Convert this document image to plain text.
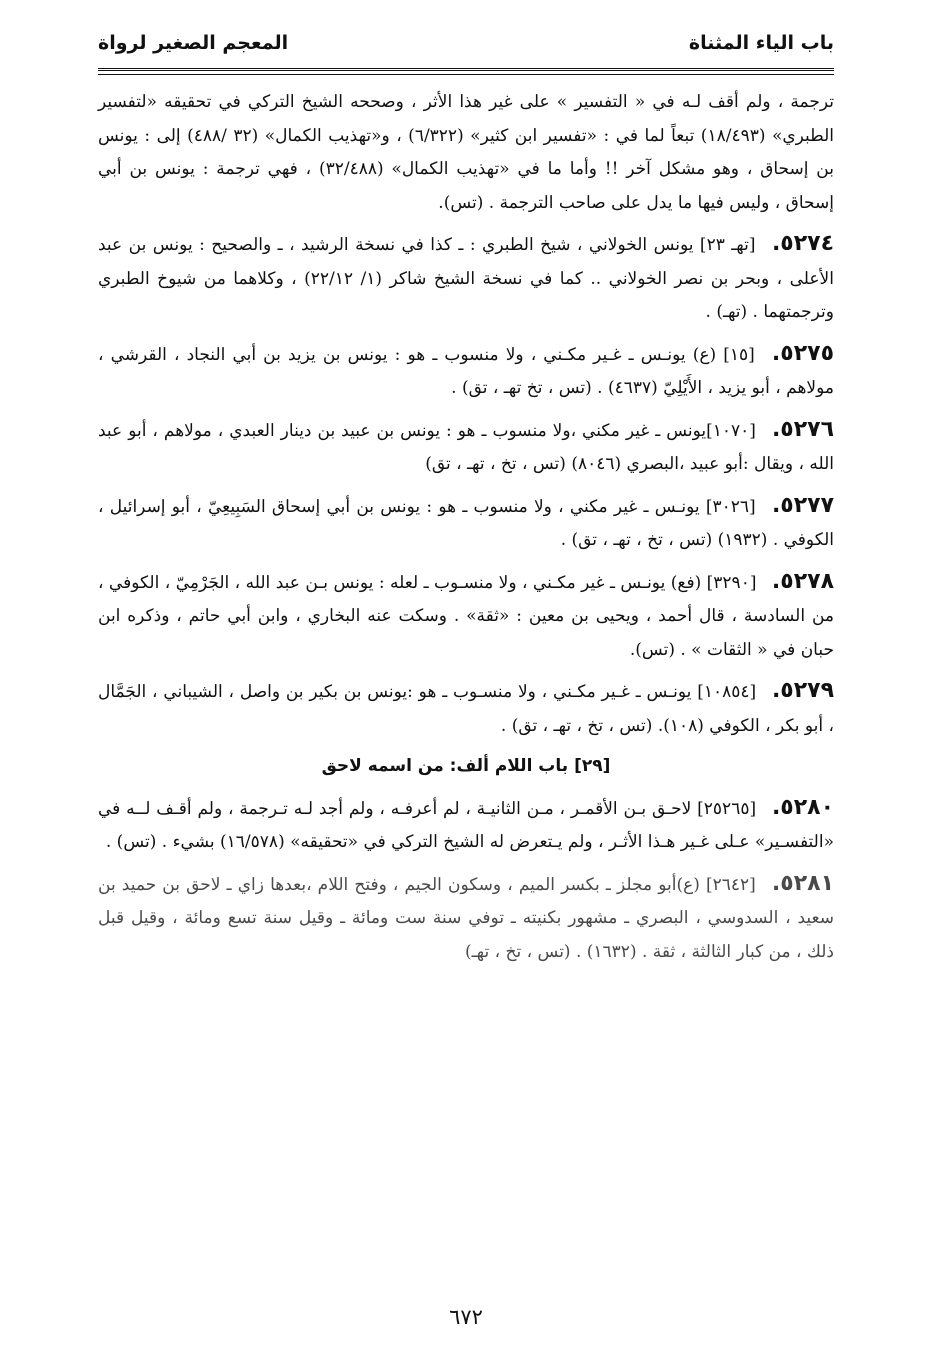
باب الياء المثناة
المعجم الصغير لرواة

ترجمة ، ولم أقف لـه في « التفسير » على غير هذا الأثر ، وصححه الشيخ التركي في تحقيقه «لتفسير الطبري» (١٨/٤٩٣) تبعاً لما في : «تفسير ابن كثير» (٦/٣٢٢) ، و«تهذيب الكمال» (٣٢ /٤٨٨) إلى : يونس بن إسحاق ، وهو مشكل آخر !! وأما ما في «تهذيب الكمال» (٣٢/٤٨٨) ، فهي ترجمة : يونس بن أبي إسحاق ، وليس فيها ما يدل على صاحب الترجمة . (تس).

٥٢٧٤. [تهـ ٢٣] يونس الخولاني ، شيخ الطبري : ـ كذا في نسخة الرشيد ، ـ والصحيح : يونس بن عبد الأعلى ، وبحر بن نصر الخولاني .. كما في نسخة الشيخ شاكر (١/ ٢٢/١٢) ، وكلاهما من شيوخ الطبري وترجمتهما . (تهـ) .
٥٢٧٥. [١٥] (ع) يونـس ـ غـير مكـني ، ولا منسوب ـ هو : يونس بن يزيد بن أبي النجاد ، القرشي ، مولاهم ، أبو يزيد ، الأَيْلِيّ (٤٦٣٧) . (تس ، تخ تهـ ، تق) .
٥٢٧٦. [١٠٧٠]يونس ـ غير مكني ،ولا منسوب ـ هو : يونس بن عبيد بن دينار العبدي ، مولاهم ، أبو عبد الله ، ويقال :أبو عبيد ،البصري (٨٠٤٦) (تس ، تخ ، تهـ ، تق)
٥٢٧٧. [٣٠٢٦] يونـس ـ غير مكني ، ولا منسوب ـ هو : يونس بن أبي إسحاق السَبِيعِيّ ، أبو إسرائيل ، الكوفي . (١٩٣٢) (تس ، تخ ، تهـ ، تق) .
٥٢٧٨. [٣٢٩٠] (فع) يونـس ـ غير مكـني ، ولا منسـوب ـ لعله : يونس بـن عبد الله ، الجَرْمِيّ ، الكوفي ، من السادسة ، قال أحمد ، ويحيى بن معين : «ثقة» . وسكت عنه البخاري ، وابن أبي حاتم ، وذكره ابن حبان في « الثقات » . (تس).
٥٢٧٩. [١٠٨٥٤] يونـس ـ غـير مكـني ، ولا منسـوب ـ هو :يونس بن بكير بن واصل ، الشيباني ، الجَمَّال ، أبو بكر ، الكوفي (١٠٨). (تس ، تخ ، تهـ ، تق) .
[٢٩] باب اللام ألف: من اسمه لاحق
٥٢٨٠. [٢٥٢٦٥] لاحـق بـن الأقمـر ، مـن الثانيـة ، لم أعرفـه ، ولم أجد لـه تـرجمة ، ولم أقـف لــه في «التفسـير» عـلى غـير هـذا الأثـر ، ولم يـتعرض له الشيخ التركي في «تحقيقه» (١٦/٥٧٨) بشيء . (تس) .
٥٢٨١. [٢٦٤٢] (ع)أبو مجلز ـ بكسر الميم ، وسكون الجيم ، وفتح اللام ،بعدها زاي ـ لاحق بن حميد بن سعيد ، السدوسي ، البصري ـ مشهور بكنيته ـ توفي سنة ست ومائة ـ وقيل سنة تسع ومائة ، وقيل قبل ذلك ، من كبار الثالثة ، ثقة . (١٦٣٢) . (تس ، تخ ، تهـ)
٦٧٢
